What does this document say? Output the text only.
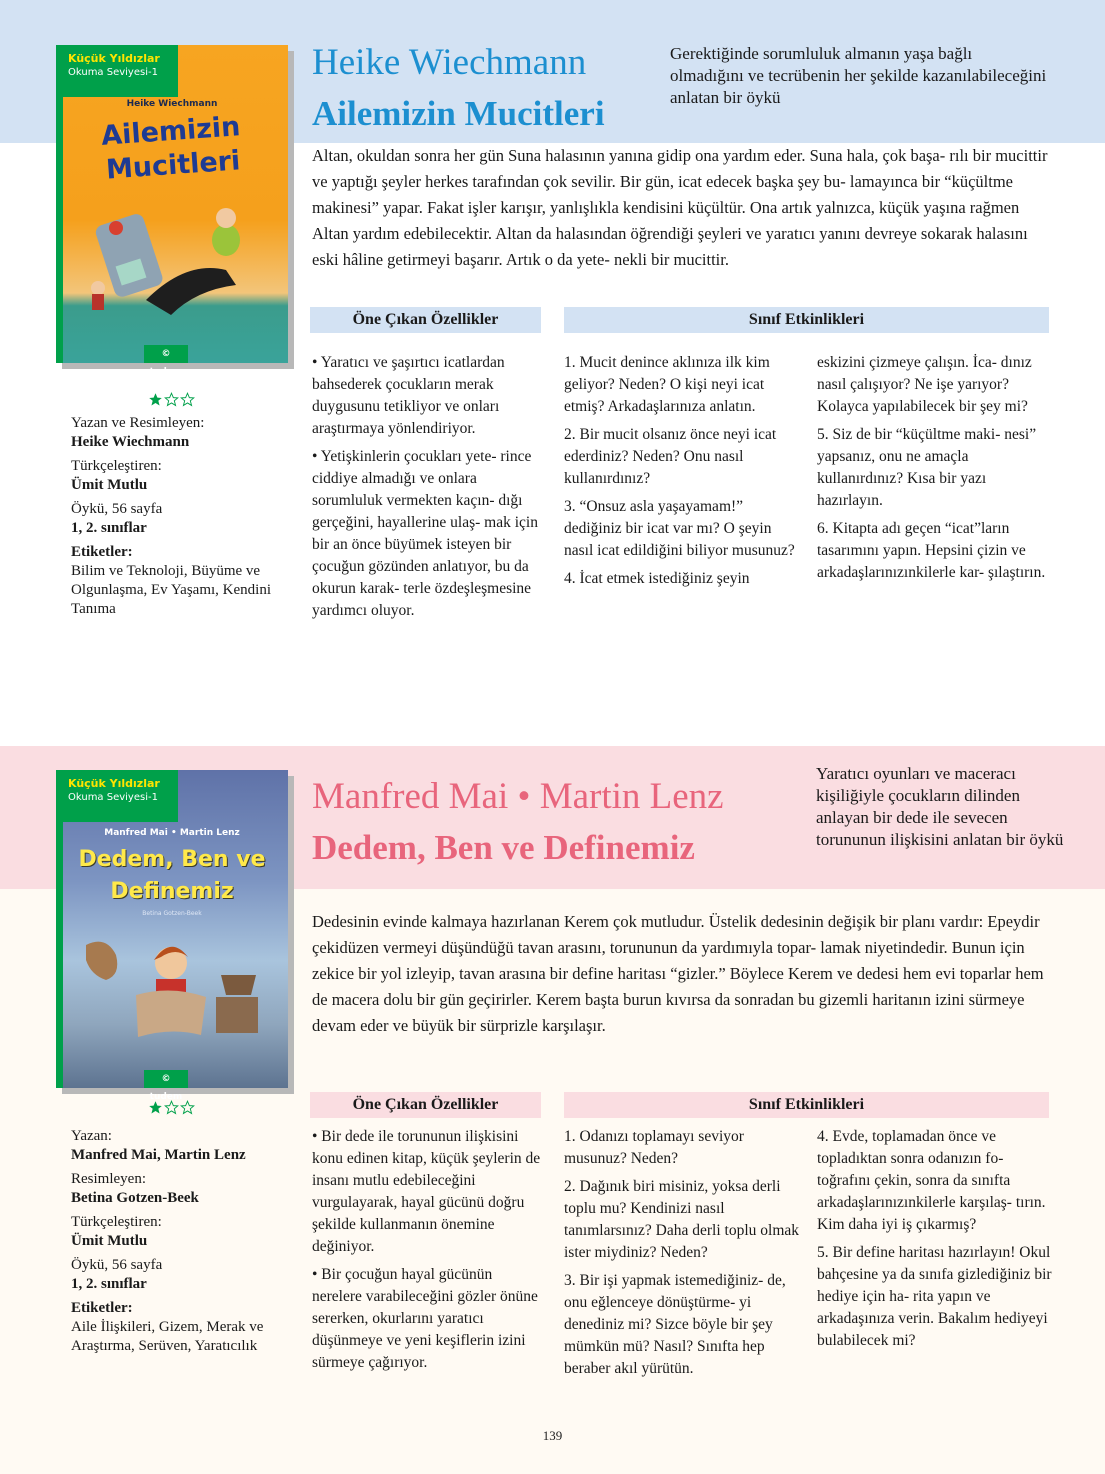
Küçük Yıldızlar
Okuma Seviyesi-1
Heike Wiechmann
Ailemizin
Mucitleri
© tudem
Yazan ve Resimleyen:
Heike Wiechmann
Türkçeleştiren:
Ümit Mutlu
Öykü, 56 sayfa
1, 2. sınıflar
Etiketler:
Bilim ve Teknoloji, Büyüme ve Olgunlaşma, Ev Yaşamı, Kendini Tanıma
Heike Wiechmann
Ailemizin Mucitleri
Gerektiğinde sorumluluk almanın yaşa bağlı olmadığını ve tecrübenin her şekilde kazanılabileceğini anlatan bir öykü
Altan, okuldan sonra her gün Suna halasının yanına gidip ona yardım eder. Suna hala, çok başa- rılı bir mucittir ve yaptığı şeyler herkes tarafından çok sevilir. Bir gün, icat edecek başka şey bu- lamayınca bir “küçültme makinesi” yapar. Fakat işler karışır, yanlışlıkla kendisini küçültür. Ona artık yalnızca, küçük yaşına rağmen Altan yardım edebilecektir. Altan da halasından öğrendiği şeyleri ve yaratıcı yanını devreye sokarak halasını eski hâline getirmeyi başarır. Artık o da yete- nekli bir mucittir.
Öne Çıkan Özellikler	Sınıf Etkinlikleri

• Yaratıcı ve şaşırtıcı icatlardan bahsederek çocukların merak duygusunu tetikliyor ve onları araştırmaya yönlendiriyor.

• Yetişkinlerin çocukları yete- rince ciddiye almadığı ve onlara sorumluluk vermekten kaçın- dığı gerçeğini, hayallerine ulaş- mak için bir an önce büyümek isteyen bir çocuğun gözünden anlatıyor, bu da okurun karak- terle özdeşleşmesine yardımcı oluyor.

1. Mucit denince aklınıza ilk kim geliyor? Neden? O kişi neyi icat etmiş? Arkadaşlarınıza anlatın.

2. Bir mucit olsanız önce neyi icat ederdiniz? Neden? Onu nasıl kullanırdınız?

3. “Onsuz asla yaşayamam!” dediğiniz bir icat var mı? O şeyin nasıl icat edildiğini biliyor musunuz?

4. İcat etmek istediğiniz şeyin

eskizini çizmeye çalışın. İca- dınız nasıl çalışıyor? Ne işe yarıyor? Kolayca yapılabilecek bir şey mi?

5. Siz de bir “küçültme maki- nesi” yapsanız, onu ne amaçla kullanırdınız? Kısa bir yazı hazırlayın.

6. Kitapta adı geçen “icat”ların tasarımını yapın. Hepsini çizin ve arkadaşlarınızınkilerle kar- şılaştırın.

Küçük Yıldızlar
Okuma Seviyesi-1
Manfred Mai • Martin Lenz
Dedem, Ben ve
Definemiz
Betina Gotzen-Beek
© tudem
Yazan:
Manfred Mai, Martin Lenz
Resimleyen:
Betina Gotzen-Beek
Türkçeleştiren:
Ümit Mutlu
Öykü, 56 sayfa
1, 2. sınıflar
Etiketler:
Aile İlişkileri, Gizem, Merak ve Araştırma, Serüven, Yaratıcılık
Manfred Mai • Martin Lenz
Dedem, Ben ve Definemiz
Yaratıcı oyunları ve maceracı kişiliğiyle çocukların dilinden anlayan bir dede ile sevecen torununun ilişkisini anlatan bir öykü
Dedesinin evinde kalmaya hazırlanan Kerem çok mutludur. Üstelik dedesinin değişik bir planı vardır: Epeydir çekidüzen vermeyi düşündüğü tavan arasını, torununun da yardımıyla topar- lamak niyetindedir. Bunun için zekice bir yol izleyip, tavan arasına bir define haritası “gizler.” Böylece Kerem ve dedesi hem evi toparlar hem de macera dolu bir gün geçirirler. Kerem başta burun kıvırsa da sonradan bu gizemli haritanın izini sürmeye devam eder ve büyük bir sürprizle karşılaşır.
Öne Çıkan Özellikler	Sınıf Etkinlikleri

• Bir dede ile torununun ilişkisini konu edinen kitap, küçük şeylerin de insanı mutlu edebileceğini vurgulayarak, hayal gücünü doğru şekilde kullanmanın önemine değiniyor.

• Bir çocuğun hayal gücünün nerelere varabileceğini gözler önüne sererken, okurlarını yaratıcı düşünmeye ve yeni keşiflerin izini sürmeye çağırıyor.

1. Odanızı toplamayı seviyor musunuz? Neden?

2. Dağınık biri misiniz, yoksa derli toplu mu? Kendinizi nasıl tanımlarsınız? Daha derli toplu olmak ister miydiniz? Neden?

3. Bir işi yapmak istemediğiniz- de, onu eğlenceye dönüştürme- yi denediniz mi? Sizce böyle bir şey mümkün mü? Nasıl? Sınıfta hep beraber akıl yürütün.

4. Evde, toplamadan önce ve topladıktan sonra odanızın fo- toğrafını çekin, sonra da sınıfta arkadaşlarınızınkilerle karşılaş- tırın. Kim daha iyi iş çıkarmış?

5. Bir define haritası hazırlayın! Okul bahçesine ya da sınıfa gizlediğiniz bir hediye için ha- rita yapın ve arkadaşınıza verin. Bakalım hediyeyi bulabilecek mi?

139
